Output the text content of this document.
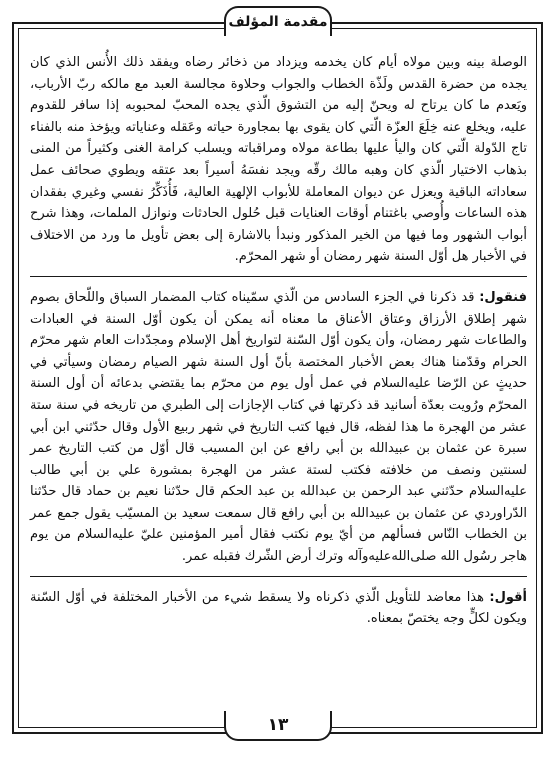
مقدمة المؤلف

الوصلة بينه وبين مولاه أيام كان يخدمه ويزداد من ذخائر رضاه ويفقد ذلك الأُنس الذي كان يجده من حضرة القدس ولَذّة الخطاب والجواب وحلاوة مجالسة العبد مع مالكه ربّ الأرباب، ويَعدم ما كان يرتاح له ويحنّ إليه من التشوق الّذي يجده المحبّ لمحبوبه إذا سافر للقدوم عليه، ويخلع عنه خِلَعَ العزّة الّتي كان يقوى بها بمجاورة حياته وعَقله وعناياته ويؤخذ منه بالفناء تاج الدّولة الّتي كان واليأ عليها بطاعة مولاه ومراقباته ويسلب كرامة الغنى وكثيراً من المنى بذهاب الاختيار الّذي كان وهبه مالك رقّه ويجد نفسَهُ أسيراً بعد عتقه ويطوي صحائف عمل سعاداته الباقية ويعزل عن ديوان المعاملة للأبواب الإلهية العالية، فَأُذَكِّرُ نفسي وغيري بفقدان هذه الساعات وأُوصي باغتنام أوقات العنايات قبل حُلول الحادثات ونوازل الملمات، وهذا شرح أبواب الشهور وما فيها من الخير المذكور ونبدأ بالاشارة إلى بعض تأويل ما ورد من الاختلاف في الأخبار هل أوّل السنة شهر رمضان أو شهر المحرّم.

فنقول: قد ذكرنا في الجزء السادس من الّذي سمّيناه كتاب المضمار السباق واللّحاق بصوم شهر إطلاق الأرزاق وعتاق الأعناق ما معناه أنه يمكن أن يكون أوّل السنة في العبادات والطاعات شهر رمضان، وأن يكون أوّل السّنة لتواريخ أهل الإسلام ومجدّدات العام شهر محرّم الحرام وقدّمنا هناك بعض الأخبار المختصة بأنّ أول السنة شهر الصيام رمضان وسيأتي في حديثٍ عن الرّضا عليه‌السلام في عمل أول يوم من محرّم بما يقتضي بدعائه أن أول السنة المحرّم ورُويت بعدّة أسانيد قد ذكرتها في كتاب الإجازات إلى الطبري من تاريخه في سنة ستة عشر من الهجرة ما هذا لفظه، قال فيها كتب التاريخ في شهر ربيع الأول وقال حدّثني ابن أبي سبرة عن عثمان بن عبيدالله بن أبي رافع عن ابن المسيب قال أوّل من كتب التاريخ عمر لسنتين ونصف من خلافته فكتب لستة عشر من الهجرة بمشورة علي بن أبي طالب عليه‌السلام حدّثني عبد الرحمن بن عبدالله بن عبد الحكم قال حدّثنا نعيم بن حماد قال حدّثنا الدّراوردي عن عثمان بن عبيدالله بن أبي رافع قال سمعت سعيد بن المسيّب يقول جمع عمر بن الخطاب النّاس فسألهم من أيّ يوم نكتب فقال أمير المؤمنين عليّ عليه‌السلام من يوم هاجر رسُول الله صلى‌الله‌عليه‌وآله وترك أرض الشّرك فقبله عمر.

أقول: هذا معاضد للتأويل الّذي ذكرناه ولا يسقط شيء من الأخبار المختلفة في أوّل السّنة ويكون لكلٍّ وجه يختصّ بمعناه.

١٣
